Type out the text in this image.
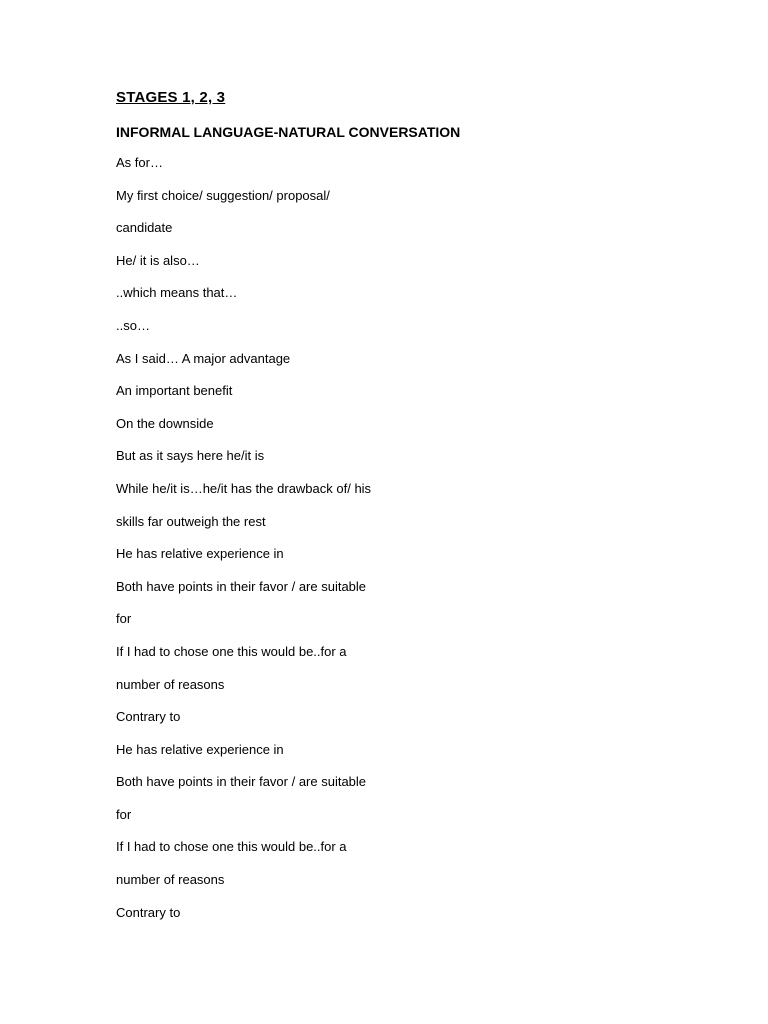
STAGES 1, 2, 3
INFORMAL LANGUAGE-NATURAL CONVERSATION
As for…
My first choice/ suggestion/ proposal/
candidate
He/ it is also…
..which means that…
..so…
As I said… A major advantage
An important benefit
On the downside
But as it says here he/it is
While he/it is…he/it has the drawback of/ his
skills far outweigh the rest
He has relative experience in
Both have points in their favor / are suitable
for
If I had to chose one this would be..for a
number of reasons
Contrary to
He has relative experience in
Both have points in their favor / are suitable
for
If I had to chose one this would be..for a
number of reasons
Contrary to
